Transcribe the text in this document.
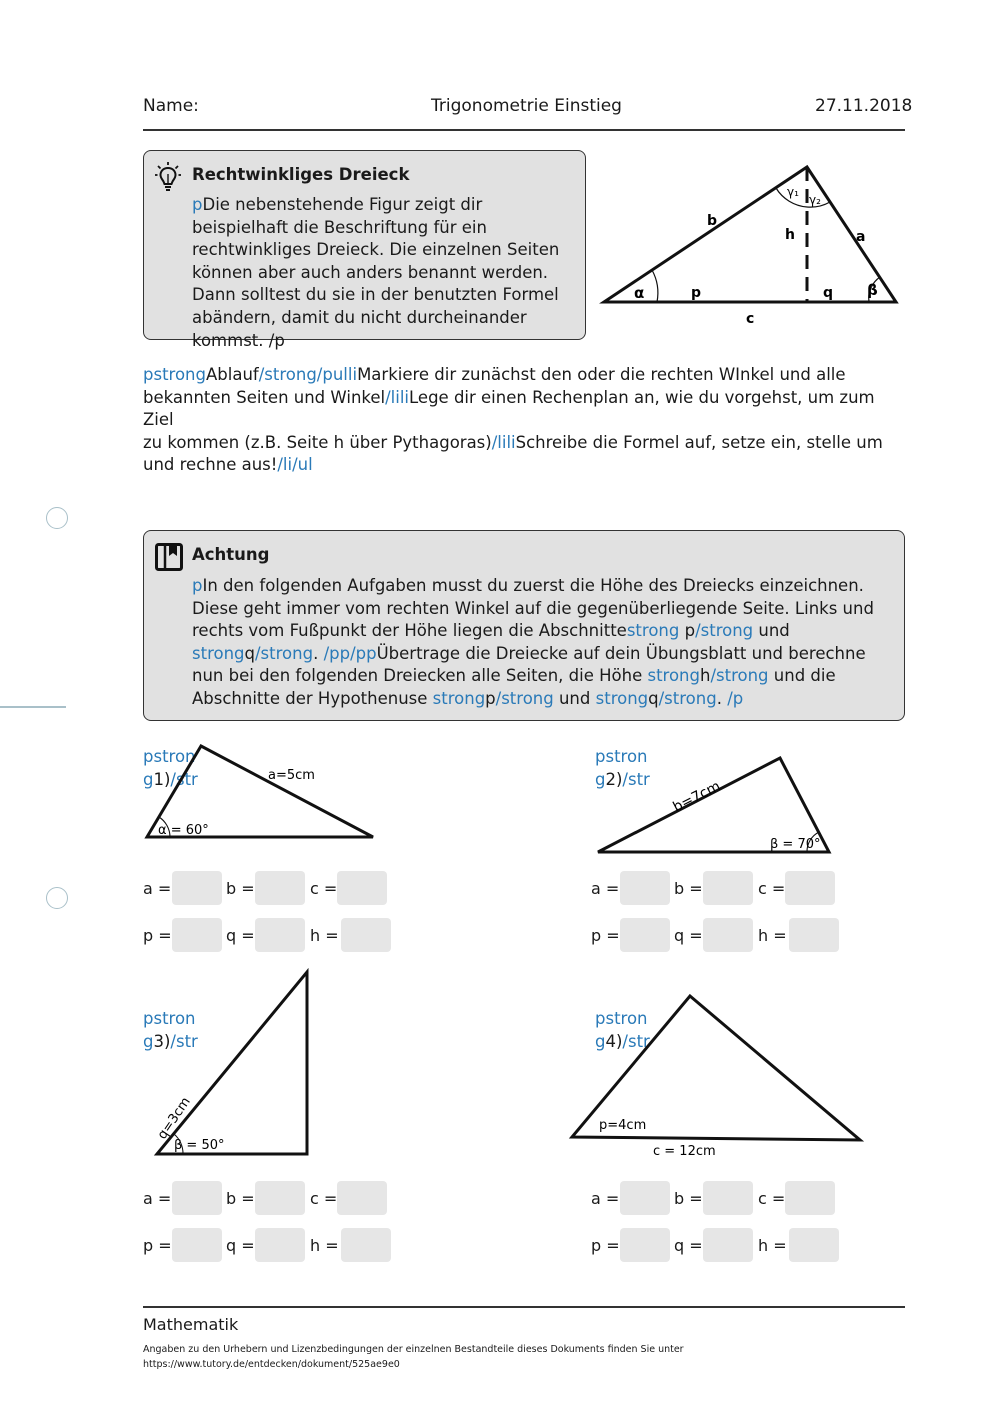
Name:	Trigonometrie Einstieg	27.11.2018
Rechtwinkliges Dreieck
pDie nebenstehende Figur zeigt dir
beispielhaft die Beschriftung für ein
rechtwinkliges Dreieck. Die einzelnen Seiten
können aber auch anders benannt werden.
Dann solltest du sie in der benutzten Formel
abändern, damit du nicht durcheinander
kommst. /p
b
a
h
c
p	q
α	β
γ₁
γ₂
pstrongAblauf/strong/pulliMarkiere dir zunächst den oder die rechten WInkel und alle
bekannten Seiten und Winkel/liliLege dir einen Rechenplan an, wie du vorgehst, um zum Ziel
zu kommen (z.B. Seite h über Pythagoras)/liliSchreibe die Formel auf, setze ein, stelle um
und rechne aus!/li/ul
Achtung
pIn den folgenden Aufgaben musst du zuerst die Höhe des Dreiecks einzeichnen.
Diese geht immer vom rechten Winkel auf die gegenüberliegende Seite. Links und
rechts vom Fußpunkt der Höhe liegen die Abschnittestrong p/strong und
strongq/strong. /pp/ppÜbertrage die Dreiecke auf dein Übungsblatt und berechne
nun bei den folgenden Dreiecken alle Seiten, die Höhe strongh/strong und die
Abschnitte der Hypothenuse strongp/strong und strongq/strong. /p
pstron
g1)/str	a=5cm
α = 60°
pstron
g2)/str b=7cm
β = 70°
a =	b =	c =
p =	q =	h =
a =	b =	c =
p =	q =	h =
pstron
g3)/str
q=3cm
β = 50°
pstron
g4)/str
p=4cm
c = 12cm
a =	b =	c =
p =	q =	h =
a =	b =	c =
p =	q =	h =
Mathematik
Angaben zu den Urhebern und Lizenzbedingungen der einzelnen Bestandteile dieses Dokuments finden Sie unter
https://www.tutory.de/entdecken/dokument/525ae9e0
